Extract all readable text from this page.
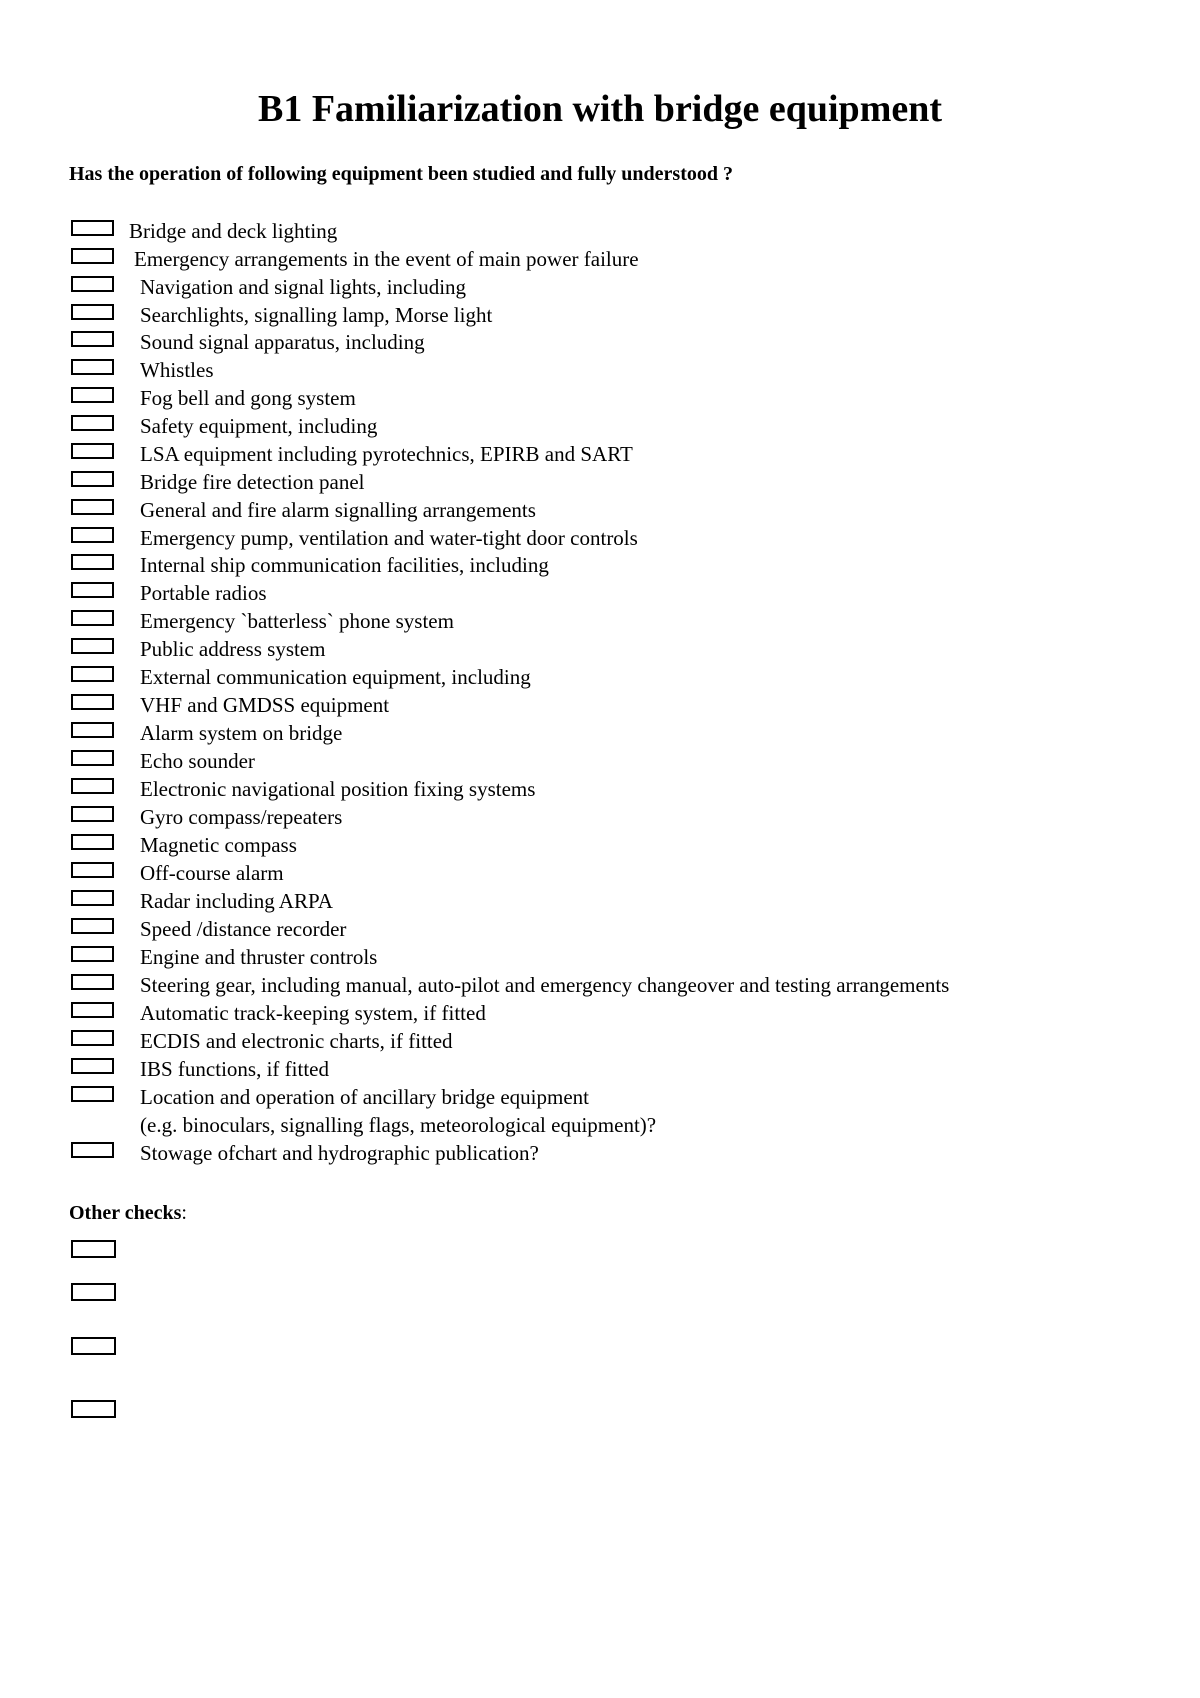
B1 Familiarization with bridge equipment

Has the operation of following equipment been studied and fully understood ?

Bridge and deck lighting
Emergency arrangements in the event of main power failure
Navigation and signal lights, including
Searchlights, signalling lamp, Morse light
Sound signal apparatus, including
Whistles
Fog bell and gong system
Safety equipment, including
LSA equipment including pyrotechnics, EPIRB and SART
Bridge fire detection panel
General and fire alarm signalling arrangements
Emergency pump, ventilation and water-tight door controls
Internal ship communication facilities, including
Portable radios
Emergency `batterless` phone system
Public address system
External communication equipment, including
VHF and GMDSS equipment
Alarm system on bridge
Echo sounder
Electronic navigational position fixing systems
Gyro compass/repeaters
Magnetic compass
Off-course alarm
Radar including ARPA
Speed /distance recorder
Engine and thruster controls
Steering gear, including manual, auto-pilot and emergency changeover and testing arrangements
Automatic track-keeping system, if fitted
ECDIS and electronic charts, if fitted
IBS functions, if fitted
Location and operation of ancillary bridge equipment
(e.g. binoculars, signalling flags, meteorological equipment)?
Stowage ofchart and hydrographic publication?

Other checks:
